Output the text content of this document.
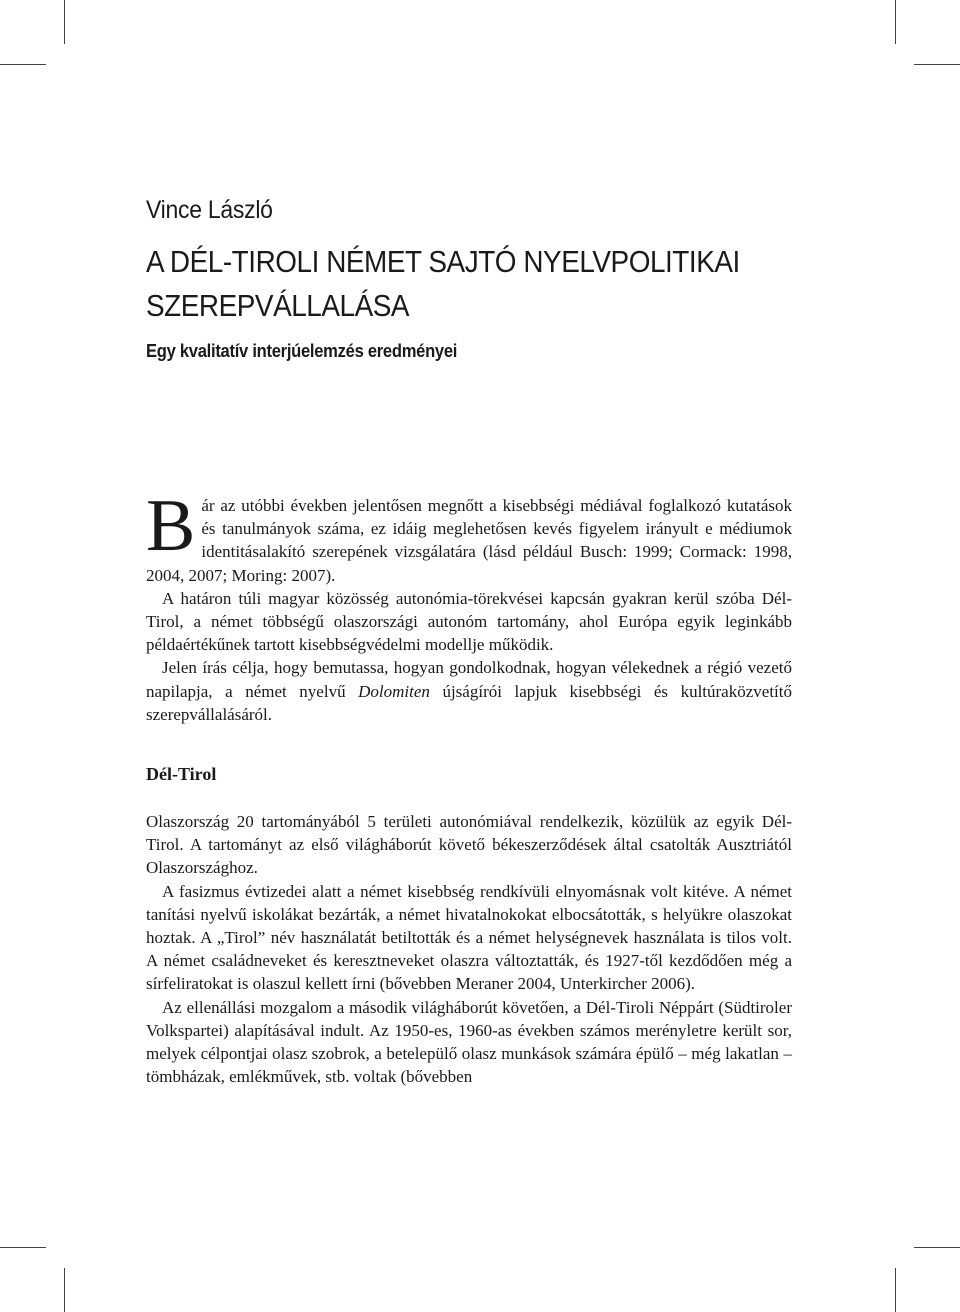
Vince László
A DÉL-TIROLI NÉMET SAJTÓ NYELVPOLITIKAI
SZEREPVÁLLALÁSA
Egy kvalitatív interjúelemzés eredményei

Bár az utóbbi években jelentősen megnőtt a kisebbségi médiával foglalkozó kutatások és tanulmányok száma, ez idáig meglehetősen kevés figyelem irányult e médiumok identitásalakító szerepének vizsgálatára (lásd például Busch: 1999; Cormack: 1998, 2004, 2007; Moring: 2007).

A határon túli magyar közösség autonómia-törekvései kapcsán gyakran kerül szóba Dél-Tirol, a német többségű olaszországi autonóm tartomány, ahol Európa egyik leginkább példaértékűnek tartott kisebbségvédelmi modellje működik.

Jelen írás célja, hogy bemutassa, hogyan gondolkodnak, hogyan vélekednek a régió vezető napilapja, a német nyelvű Dolomiten újságírói lapjuk kisebbségi és kultúraközvetítő szerepvállalásáról.

Dél-Tirol

Olaszország 20 tartományából 5 területi autonómiával rendelkezik, közülük az egyik Dél-Tirol. A tartományt az első világháborút követő békeszerződések által csatolták Ausztriától Olaszországhoz.

A fasizmus évtizedei alatt a német kisebbség rendkívüli elnyomásnak volt kitéve. A német tanítási nyelvű iskolákat bezárták, a német hivatalnokokat elbocsátották, s helyükre olaszokat hoztak. A „Tirol” név használatát betiltották és a német helységnevek használata is tilos volt. A német családneveket és keresztneveket olaszra változtatták, és 1927-től kezdődően még a sírfeliratokat is olaszul kellett írni (bővebben Meraner 2004, Unterkircher 2006).

Az ellenállási mozgalom a második világháborút követően, a Dél-Tiroli Néppárt (Südtiroler Volkspartei) alapításával indult. Az 1950-es, 1960-as években számos merényletre került sor, melyek célpontjai olasz szobrok, a betelepülő olasz munkások számára épülő – még lakatlan – tömbházak, emlékművek, stb. voltak (bővebben
